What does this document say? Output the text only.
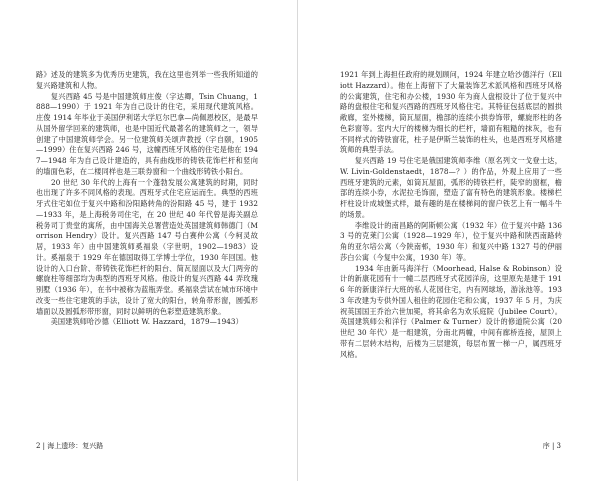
路》述及的建筑多为优秀历史建筑，我在这里也列举一些我所知道的复兴路建筑和人物。

　　复兴西路 45 号是中国建筑师庄俊（字达卿，Tsin Chuang，1888—1990）于 1921 年为自己设计的住宅，采用现代建筑风格。庄俊 1914 年毕业于美国伊利诺大学厄尔巴拿—尚佩恩校区，是最早从国外留学回来的建筑师，也是中国近代最著名的建筑师之一，领导创建了中国建筑师学会。另一位建筑师关颂声教授（字自颐，1905—1999）住在复兴西路 246 号，这幢西班牙风格的住宅是他在 1947—1948 年为自己设计建造的，具有曲线形的铸铁花饰栏杆和竖向的墙面色彩，在二楼同样也是三联券窗和一个曲线形铸铁小阳台。

　　20 世纪 30 年代的上海有一个蓬勃发展公寓建筑的时期，同时也出现了许多不同风格的表现。西班牙式住宅应运而生。典型的西班牙式住宅如位于复兴中路和汾阳路转角的汾阳路 45 号，建于 1932—1933 年，是上海税务司住宅，在 20 世纪 40 年代曾是海关副总税务司丁贵堂的寓所，由中国海关总署营造处英国建筑师韩德门（Morrison Hendry）设计。复兴西路 147 号白赛仲公寓（今柯灵故居，1933 年）由中国建筑师奚福泉（字世明，1902—1983）设计。奚福泉于 1929 年在德国取得工学博士学位，1930 年回国。他设计的入口台阶、带铸铁花饰栏杆的阳台、简瓦屋面以及大门两旁的螺旋柱等细部均为典型的西班牙风格。他设计的复兴西路 44 弄玫瑰别墅（1936 年），在书中被称为蓝瓶弄堂。奚福泉尝试在城市环境中改变一些住宅建筑的手法，设计了宽大的阳台，转角带形窗，圆弧形墙面以及圆弧形带形窗，同时以鲜明的色彩塑造建筑形象。

　　美国建筑师哈沙德（Elliott W. Hazzard，1879—1943）

2 | 海上遗珍：复兴路

1921 年到上海担任政府的规划顾问，1924 年建立哈沙德洋行（Elliott Hazzard）。他在上海留下了大量装饰艺术派风格和西班牙风格的公寓建筑，住宅和办公楼，1930 年为商人盘根设计了位于复兴中路的盘根住宅和复兴西路的西班牙风格住宅。其特征包括底层的圆拱敞廊，室外楼梯，筒瓦屋面，檐部的连续小拱券饰带，螺旋形柱的各色彩窗等。室内大厅的楼梯为细长的栏杆，墙面有粗糙的抹灰，也有不同样式的铸铁窗花，柱子是伊斯兰装饰的柱头，也是西班牙风格建筑师的典型手法。

　　复兴西路 19 号住宅是俄国建筑师李维（原名列文一戈登士达，W. Livin-Goldenstaedt，1878—？）的作品，外观上应用了一些西班牙建筑的元素，如筒瓦屋面，弧形的铸铁栏杆，陡窄的窗框，檐部的连续小券，水泥拉毛饰面，塑造了富有特色的建筑形象。楼梯栏杆柱设计成城堡式样，最有趣的是在楼梯间的窗户铁艺上有一幅斗牛的场景。

　　李维设计的南昌路的阿斯顿公寓（1932 年）位于复兴中路 1363 号的克莱门公寓（1928—1929 年），位于复兴中路和陕西南路转角的亚尔培公寓（今陕南邨，1930 年）和复兴中路 1327 号的伊丽莎白公寓（今复中公寓，1930 年）等。

　　1934 年由新马海洋行（Moorhead, Halse & Robinson）设计的新康花园有十一幢二层西班牙式花园洋房，这里原先是建于 1916 年的新康洋行大班的私人花园住宅，内有网球场，游泳池等。1933 年改建为专供外国人租住的花园住宅和公寓，1937 年 5 月，为庆祝英国国王乔治六世加冕，将其命名为欢乐庭院（Jubilee Court）。英国建筑师公和洋行（Palmer & Turner）设计的修道院公寓（20 世纪 30 年代）是一组建筑，分南北两幢，中间有廊桥连接，屋顶上带有二层转木结构，后楼为三层建筑，每层布置一梯一户，属西班牙风格。

序 | 3
